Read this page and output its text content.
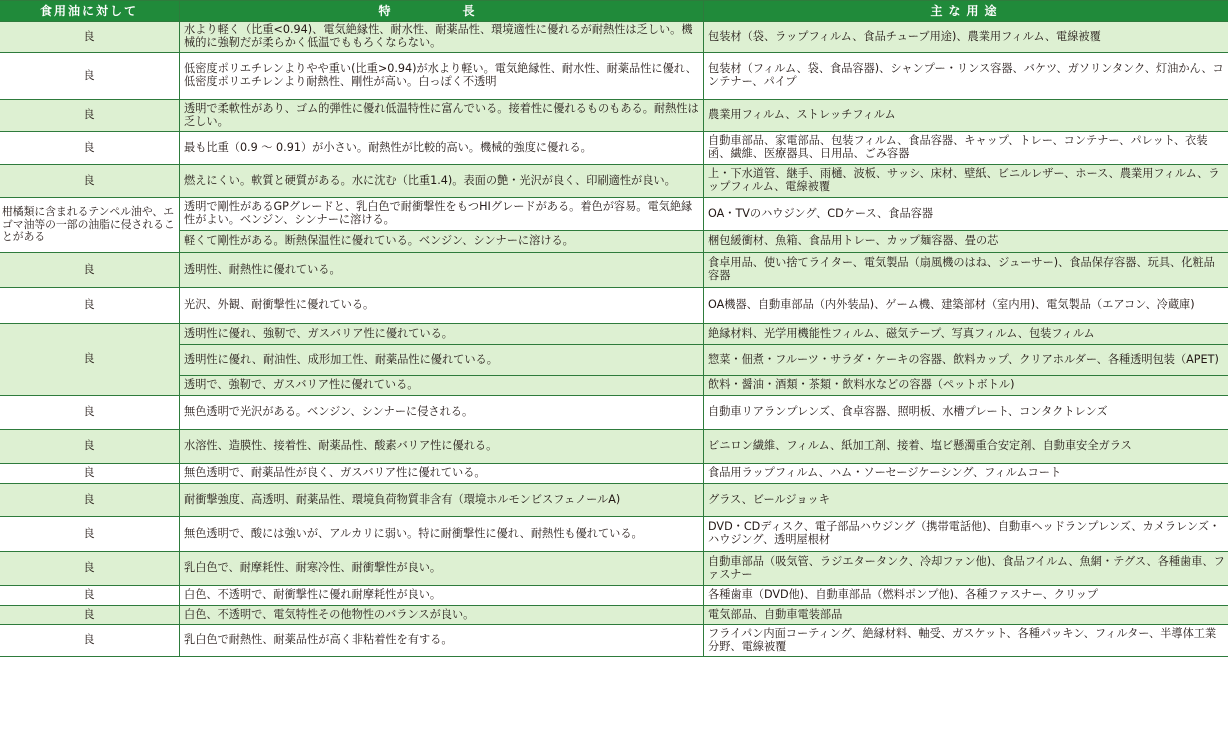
食用油に対して	特　長	主な用途
良	水より軽く（比重<0.94)、電気絶縁性、耐水性、耐薬品性、環境適性に優れるが耐熱性は乏しい。機械的に強靭だが柔らかく低温でももろくならない。	包装材（袋、ラップフィルム、食品チューブ用途)、農業用フィルム、電線被覆
良	低密度ポリエチレンよりやや重い(比重>0.94)が水より軽い。電気絶縁性、耐水性、耐薬品性に優れ、低密度ポリエチレンより耐熱性、剛性が高い。白っぽく不透明	包装材（フィルム、袋、食品容器)、シャンプー・リンス容器、バケツ、ガソリンタンク、灯油かん、コンテナー、パイプ
良	透明で柔軟性があり、ゴム的弾性に優れ低温特性に富んでいる。接着性に優れるものもある。耐熱性は乏しい。	農業用フィルム、ストレッチフィルム
良	最も比重（0.9 ～ 0.91）が小さい。耐熱性が比較的高い。機械的強度に優れる。	自動車部品、家電部品、包装フィルム、食品容器、キャップ、トレー、コンテナー、パレット、衣装函、繊維、医療器具、日用品、ごみ容器
良	燃えにくい。軟質と硬質がある。水に沈む（比重1.4)。表面の艶・光沢が良く、印刷適性が良い。	上・下水道管、継手、雨樋、波板、サッシ、床材、壁紙、ビニルレザー、ホース、農業用フィルム、ラップフィルム、電線被覆
柑橘類に含まれるテンペル油や、エゴマ油等の一部の油脂に侵されることがある	透明で剛性があるGPグレードと、乳白色で耐衝撃性をもつHIグレードがある。着色が容易。電気絶縁性がよい。ベンジン、シンナーに溶ける。	OA・TVのハウジング、CDケース、食品容器
	軽くて剛性がある。断熱保温性に優れている。ベンジン、シンナーに溶ける。	梱包緩衝材、魚箱、食品用トレー、カップ麺容器、畳の芯
良	透明性、耐熱性に優れている。	食卓用品、使い捨てライター、電気製品（扇風機のはね、ジューサー)、食品保存容器、玩具、化粧品容器
良	光沢、外観、耐衝撃性に優れている。	OA機器、自動車部品（内外装品)、ゲーム機、建築部材（室内用)、電気製品（エアコン、冷蔵庫)
良	透明性に優れ、強靭で、ガスバリア性に優れている。	絶縁材料、光学用機能性フィルム、磁気テープ、写真フィルム、包装フィルム
	透明性に優れ、耐油性、成形加工性、耐薬品性に優れている。	惣菜・佃煮・フルーツ・サラダ・ケーキの容器、飲料カップ、クリアホルダー、各種透明包装（APET)
	透明で、強靭で、ガスバリア性に優れている。	飲料・醤油・酒類・茶類・飲料水などの容器（ペットボトル)
良	無色透明で光沢がある。ベンジン、シンナーに侵される。	自動車リアランプレンズ、食卓容器、照明板、水槽プレート、コンタクトレンズ
良	水溶性、造膜性、接着性、耐薬品性、酸素バリア性に優れる。	ビニロン繊維、フィルム、紙加工剤、接着、塩ビ懸濁重合安定剤、自動車安全ガラス
良	無色透明で、耐薬品性が良く、ガスバリア性に優れている。	食品用ラップフィルム、ハム・ソーセージケーシング、フィルムコート
良	耐衝撃強度、高透明、耐薬品性、環境負荷物質非含有（環境ホルモンビスフェノールA)	グラス、ビールジョッキ
良	無色透明で、酸には強いが、アルカリに弱い。特に耐衝撃性に優れ、耐熱性も優れている。	DVD・CDディスク、電子部品ハウジング（携帯電話他)、自動車ヘッドランプレンズ、カメラレンズ・ハウジング、透明屋根材
良	乳白色で、耐摩耗性、耐寒冷性、耐衝撃性が良い。	自動車部品（吸気管、ラジエタータンク、冷却ファン他)、食品フイルム、魚網・テグス、各種歯車、ファスナー
良	白色、不透明で、耐衝撃性に優れ耐摩耗性が良い。	各種歯車（DVD他)、自動車部品（燃料ポンプ他)、各種ファスナー、クリップ
良	白色、不透明で、電気特性その他物性のバランスが良い。	電気部品、自動車電装部品
良	乳白色で耐熱性、耐薬品性が高く非粘着性を有する。	フライパン内面コーティング、絶縁材料、軸受、ガスケット、各種パッキン、フィルター、半導体工業分野、電線被覆
